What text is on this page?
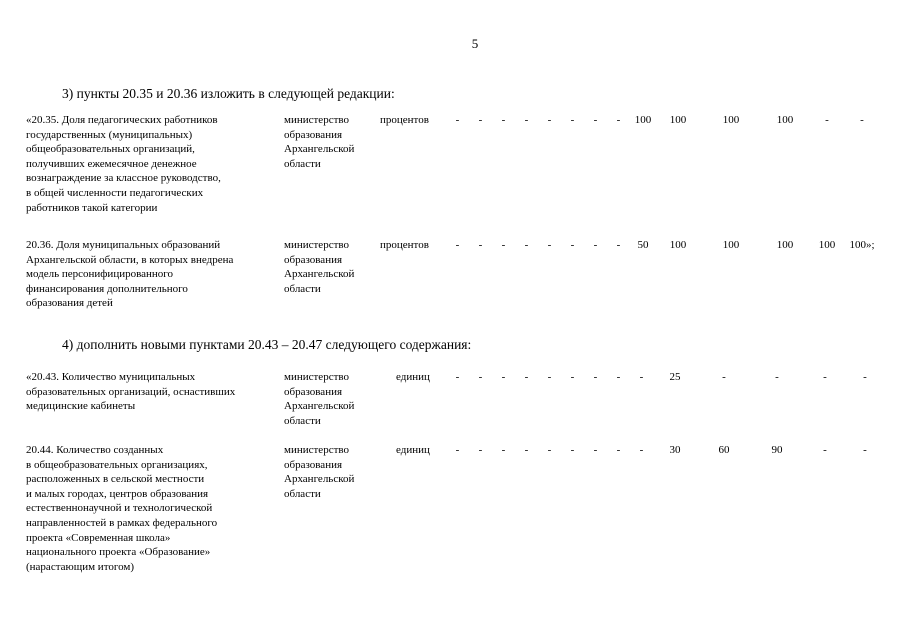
5
3) пункты 20.35 и 20.36 изложить в следующей редакции:
«20.35. Доля педагогических работников
государственных (муниципальных)
общеобразовательных организаций,
получивших ежемесячное денежное
вознаграждение за классное руководство,
в общей численности педагогических
работников такой категории

министерство
образования
Архангельской
области
	процентов	-	-	-	-	-	-	-	-	100	100	100	100	-	-
20.36. Доля муниципальных образований
Архангельской области, в которых внедрена
модель персонифицированного
финансирования дополнительного
образования детей

министерство
образования
Архангельской
области
	процентов	-	-	-	-	-	-	-	-	50	100	100	100	100	100»;
4) дополнить новыми пунктами 20.43 – 20.47 следующего содержания:
«20.43. Количество муниципальных
образовательных организаций, оснастивших
медицинские кабинеты

министерство
образования
Архангельской
области
	единиц	-	-	-	-	-	-	-	-	-	25	-	-	-	-
20.44. Количество созданных
в общеобразовательных организациях,
расположенных в сельской местности
и малых городах, центров образования
естественнонаучной и технологической
направленностей в рамках федерального
проекта «Современная школа»
национального проекта «Образование»
(нарастающим итогом)

министерство
образования
Архангельской
области
	единиц	-	-	-	-	-	-	-	-	-	30	60	90	-	-
